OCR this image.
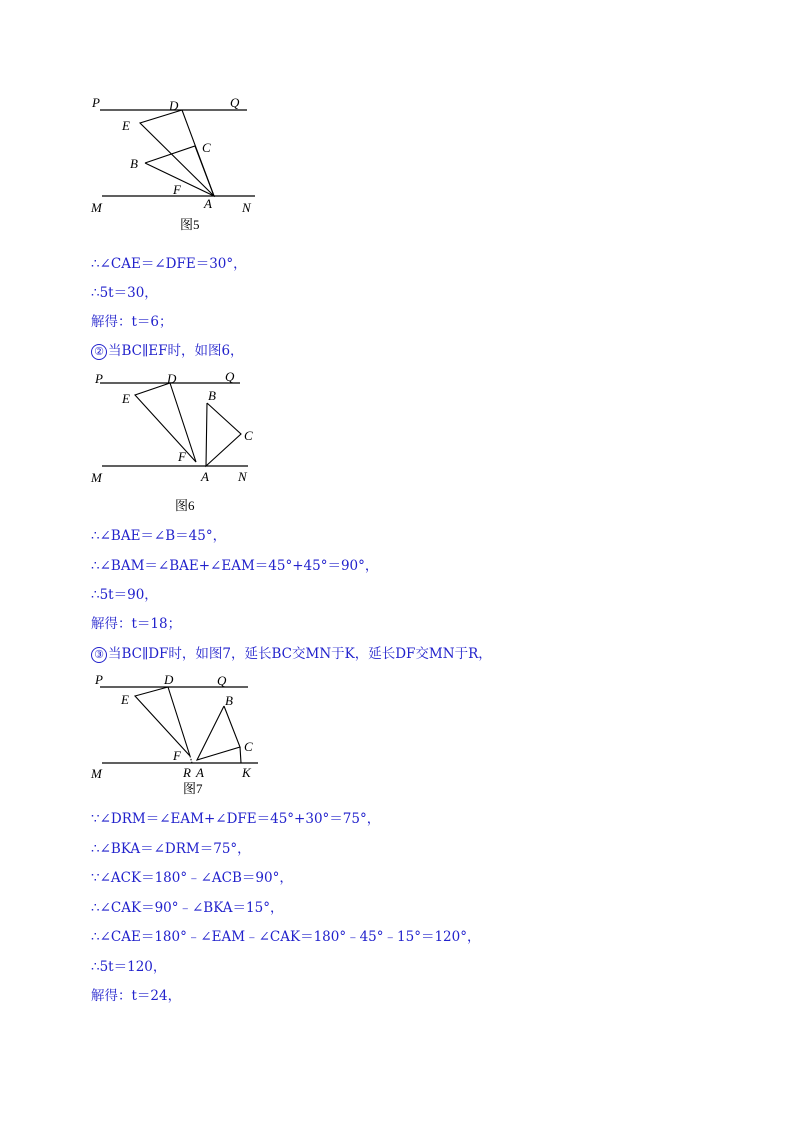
P	D	Q
E
C
B
F
M	A N
图5
∴∠CAE＝∠DFE＝30°，
∴5t＝30，
解得：t＝6；
② 当BC∥EF时，如图6，
P	D	Q
E	B
C
F
M	A N
图6
∴∠BAE＝∠B＝45°，
∴∠BAM＝∠BAE+∠EAM＝45°+45°＝90°，
∴5t＝90，
解得：t＝18；
③ 当BC∥DF时，如图7，延长BC交MN于K，延长DF交MN于R，
P	D	Q
E	B
C
F
M	R A	K
图7
∵∠DRM＝∠EAM+∠DFE＝45°+30°＝75°，
∴∠BKA＝∠DRM＝75°，
∵∠ACK＝180°﹣∠ACB＝90°，
∴∠CAK＝90°﹣∠BKA＝15°，
∴∠CAE＝180°﹣∠EAM﹣∠CAK＝180°﹣45°﹣15°＝120°，
∴5t＝120，
解得：t＝24，
